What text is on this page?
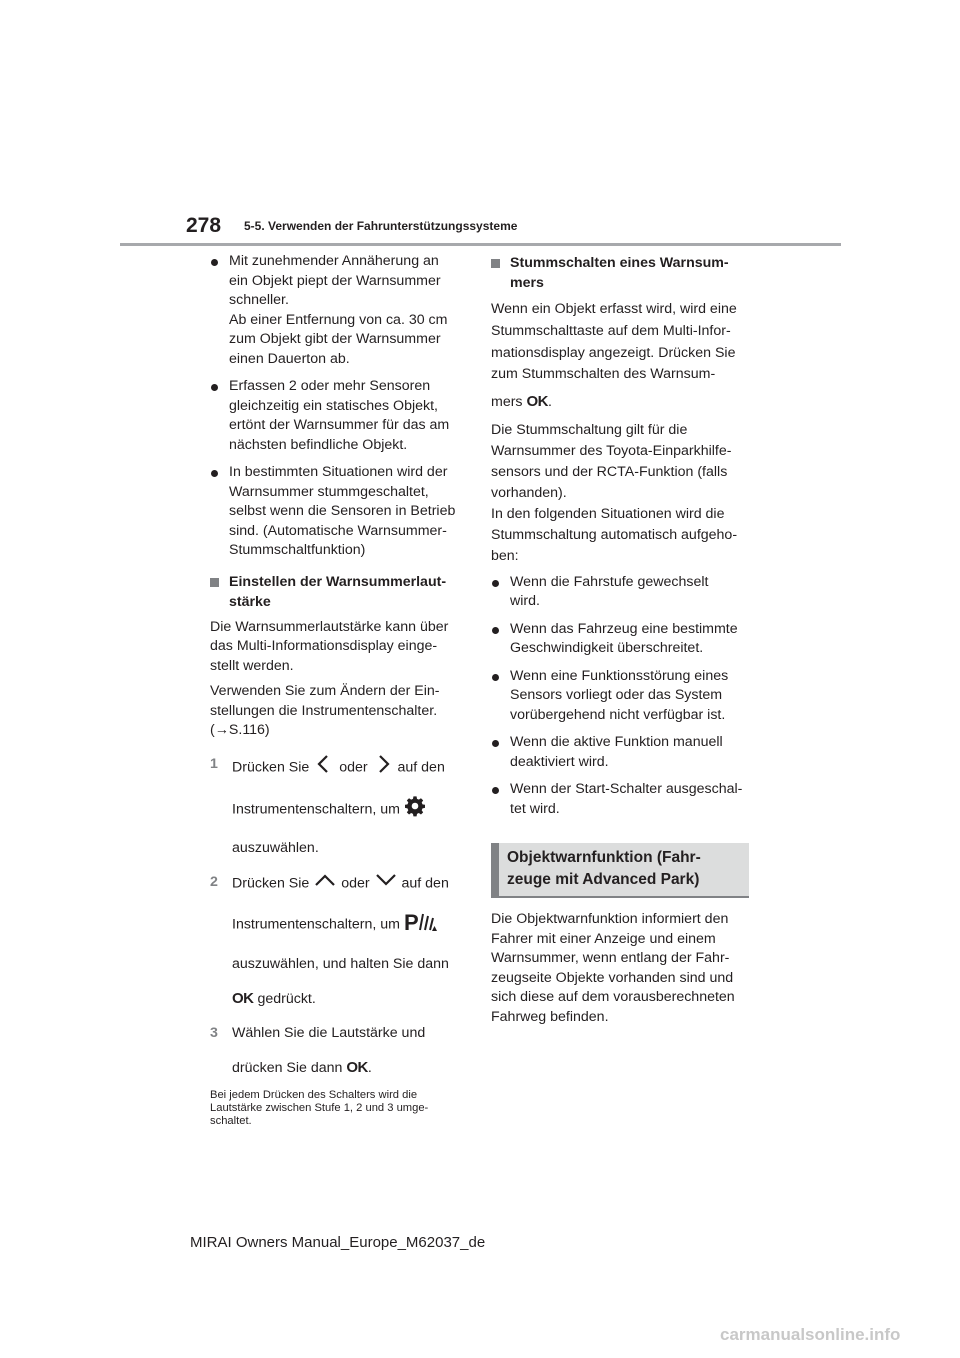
278 5-5. Verwenden der Fahrunterstützungssysteme
Mit zunehmender Annäherung an
ein Objekt piept der Warnsummer
schneller.
Ab einer Entfernung von ca. 30 cm
zum Objekt gibt der Warnsummer
einen Dauerton ab.
Erfassen 2 oder mehr Sensoren
gleichzeitig ein statisches Objekt,
ertönt der Warnsummer für das am
nächsten befindliche Objekt.
In bestimmten Situationen wird der
Warnsummer stummgeschaltet,
selbst wenn die Sensoren in Betrieb
sind. (Automatische Warnsummer-
Stummschaltfunktion)
Einstellen der Warnsummerlaut-
stärke
Die Warnsummerlautstärke kann über
das Multi-Informationsdisplay einge-
stellt werden.
Verwenden Sie zum Ändern der Ein-
stellungen die Instrumentenschalter.
(→S.116)
1 Drücken Sie oder auf den
Instrumentenschaltern, um
auszuwählen.
2 Drücken Sie oder auf den
Instrumentenschaltern, um P
auszuwählen, und halten Sie dann
OK gedrückt.
3 Wählen Sie die Lautstärke und
drücken Sie dann OK.
Bei jedem Drücken des Schalters wird die
Lautstärke zwischen Stufe 1, 2 und 3 umge-
schaltet.
Stummschalten eines Warnsum-
mers
Wenn ein Objekt erfasst wird, wird eine
Stummschalttaste auf dem Multi-Infor-
mationsdisplay angezeigt. Drücken Sie
zum Stummschalten des Warnsum-
mers OK.
Die Stummschaltung gilt für die
Warnsummer des Toyota-Einparkhilfe-
sensors und der RCTA-Funktion (falls
vorhanden).
In den folgenden Situationen wird die
Stummschaltung automatisch aufgeho-
ben:
Wenn die Fahrstufe gewechselt
wird.
Wenn das Fahrzeug eine bestimmte
Geschwindigkeit überschreitet.
Wenn eine Funktionsstörung eines
Sensors vorliegt oder das System
vorübergehend nicht verfügbar ist.
Wenn die aktive Funktion manuell
deaktiviert wird.
Wenn der Start-Schalter ausgeschal-
tet wird.
Objektwarnfunktion (Fahr-
zeuge mit Advanced Park)
Die Objektwarnfunktion informiert den
Fahrer mit einer Anzeige und einem
Warnsummer, wenn entlang der Fahr-
zeugseite Objekte vorhanden sind und
sich diese auf dem vorausberechneten
Fahrweg befinden.
MIRAI Owners Manual_Europe_M62037_de
carmanualsonline.info
